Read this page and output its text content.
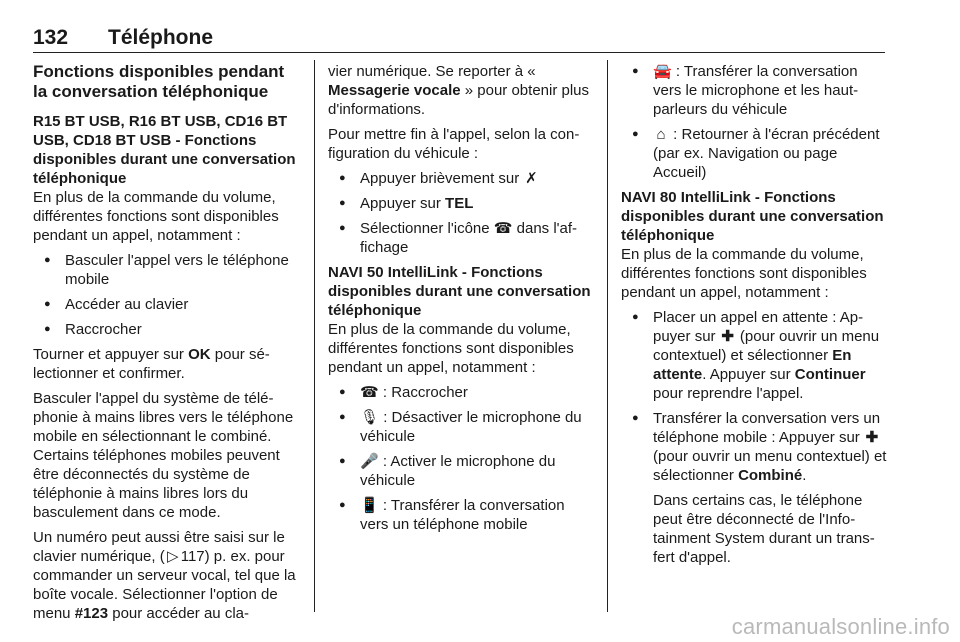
132 Téléphone

Fonctions disponibles pendant la conversation téléphonique

R15 BT USB, R16 BT USB, CD16 BT USB, CD18 BT USB - Fonctions disponibles durant une conversation téléphonique

En plus de la commande du volume, différentes fonctions sont disponibles pendant un appel, notamment :

● Basculer l'appel vers le téléphone mobile
● Accéder au clavier
● Raccrocher

Tourner et appuyer sur OK pour sélectionner et confirmer.

Basculer l'appel du système de téléphonie à mains libres vers le téléphone mobile en sélectionnant le combiné. Certains téléphones mobiles peuvent être déconnectés du système de téléphonie à mains libres lors du basculement dans ce mode.

Un numéro peut aussi être saisi sur le clavier numérique, ( ▷ 117) p. ex. pour commander un serveur vocal, tel que la boîte vocale. Sélectionner l'option de menu #123 pour accéder au cla-

vier numérique. Se reporter à « Messagerie vocale » pour obtenir plus d'informations.

Pour mettre fin à l'appel, selon la configuration du véhicule :

● Appuyer brièvement sur ✗
● Appuyer sur TEL
● Sélectionner l'icône ☎ dans l'affichage

NAVI 50 IntelliLink - Fonctions disponibles durant une conversation téléphonique

En plus de la commande du volume, différentes fonctions sont disponibles pendant un appel, notamment :

● ☎ : Raccrocher
● 🎙 : Désactiver le microphone du véhicule
● 🎤 : Activer le microphone du véhicule
● 📱 : Transférer la conversation vers un téléphone mobile
● 🚘 : Transférer la conversation vers le microphone et les haut-parleurs du véhicule
● ⌂ : Retourner à l'écran précédent (par ex. Navigation ou page Accueil)

NAVI 80 IntelliLink - Fonctions disponibles durant une conversation téléphonique

En plus de la commande du volume, différentes fonctions sont disponibles pendant un appel, notamment :

● Placer un appel en attente : Appuyer sur ✚ (pour ouvrir un menu contextuel) et sélectionner En attente. Appuyer sur Continuer pour reprendre l'appel.
● Transférer la conversation vers un téléphone mobile : Appuyer sur ✚ (pour ouvrir un menu contextuel) et sélectionner Combiné.
Dans certains cas, le téléphone peut être déconnecté de l'Infotainment System durant un transfert d'appel.
carmanualsonline.info
